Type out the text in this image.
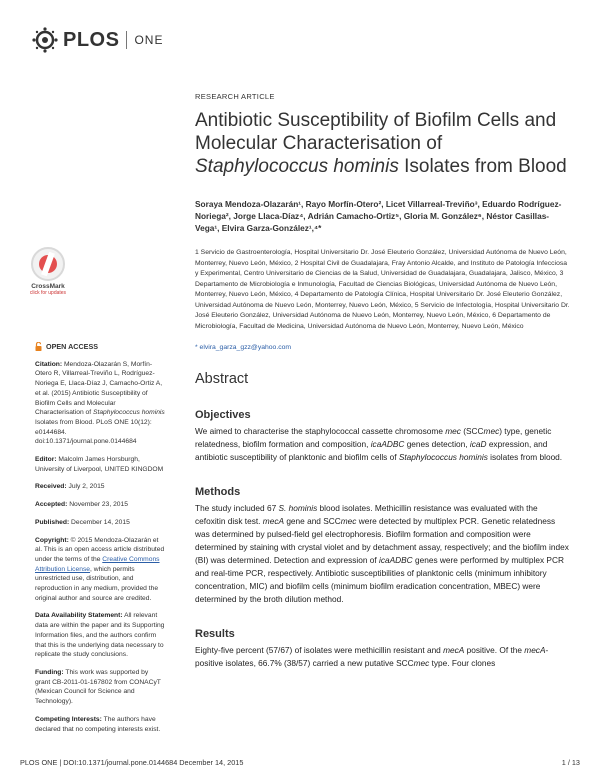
PLOS ONE
CrossMark
click for updates
OPEN ACCESS

Citation: Mendoza-Olazarán S, Morfín-Otero R, Villarreal-Treviño L, Rodríguez-Noriega E, Llaca-Díaz J, Camacho-Ortiz A, et al. (2015) Antibiotic Susceptibility of Biofilm Cells and Molecular Characterisation of Staphylococcus hominis Isolates from Blood. PLoS ONE 10(12): e0144684. doi:10.1371/journal.pone.0144684

Editor: Malcolm James Horsburgh, University of Liverpool, UNITED KINGDOM

Received: July 2, 2015

Accepted: November 23, 2015

Published: December 14, 2015

Copyright: © 2015 Mendoza-Olazarán et al. This is an open access article distributed under the terms of the Creative Commons Attribution License, which permits unrestricted use, distribution, and reproduction in any medium, provided the original author and source are credited.

Data Availability Statement: All relevant data are within the paper and its Supporting Information files, and the authors confirm that this is the underlying data necessary to replicate the study conclusions.

Funding: This work was supported by grant CB-2011-01-167802 from CONACyT (Mexican Council for Science and Technology).

Competing Interests: The authors have declared that no competing interests exist.

RESEARCH ARTICLE
Antibiotic Susceptibility of Biofilm Cells and Molecular Characterisation of Staphylococcus hominis Isolates from Blood
Soraya Mendoza-Olazarán¹, Rayo Morfín-Otero², Licet Villarreal-Treviño³, Eduardo Rodríguez-Noriega², Jorge Llaca-Díaz⁴, Adrián Camacho-Ortiz⁵, Gloria M. González⁶, Néstor Casillas-Vega¹, Elvira Garza-González¹,⁴*
1 Servicio de Gastroenterología, Hospital Universitario Dr. José Eleuterio González, Universidad Autónoma de Nuevo León, Monterrey, Nuevo León, México, 2 Hospital Civil de Guadalajara, Fray Antonio Alcalde, and Instituto de Patología Infecciosa y Experimental, Centro Universitario de Ciencias de la Salud, Universidad de Guadalajara, Guadalajara, Jalisco, México, 3 Departamento de Microbiología e Inmunología, Facultad de Ciencias Biológicas, Universidad Autónoma de Nuevo León, Monterrey, Nuevo León, México, 4 Departamento de Patología Clínica, Hospital Universitario Dr. José Eleuterio González, Universidad Autónoma de Nuevo León, Monterrey, Nuevo León, México, 5 Servicio de Infectología, Hospital Universitario Dr. José Eleuterio González, Universidad Autónoma de Nuevo León, Monterrey, Nuevo León, México, 6 Departamento de Microbiología, Facultad de Medicina, Universidad Autónoma de Nuevo León, Monterrey, Nuevo León, México
* elvira_garza_gzz@yahoo.com
Abstract
Objectives
We aimed to characterise the staphylococcal cassette chromosome mec (SCCmec) type, genetic relatedness, biofilm formation and composition, icaADBC genes detection, icaD expression, and antibiotic susceptibility of planktonic and biofilm cells of Staphylococcus hominis isolates from blood.
Methods
The study included 67 S. hominis blood isolates. Methicillin resistance was evaluated with the cefoxitin disk test. mecA gene and SCCmec were detected by multiplex PCR. Genetic relatedness was determined by pulsed-field gel electrophoresis. Biofilm formation and composition were determined by staining with crystal violet and by detachment assay, respectively; and the biofilm index (BI) was determined. Detection and expression of icaADBC genes were performed by multiplex PCR and real-time PCR, respectively. Antibiotic susceptibilities of planktonic cells (minimum inhibitory concentration, MIC) and biofilm cells (minimum biofilm eradication concentration, MBEC) were determined by the broth dilution method.
Results
Eighty-five percent (57/67) of isolates were methicillin resistant and mecA positive. Of the mecA-positive isolates, 66.7% (38/57) carried a new putative SCCmec type. Four clones
PLOS ONE | DOI:10.1371/journal.pone.0144684 December 14, 2015	1 / 13
